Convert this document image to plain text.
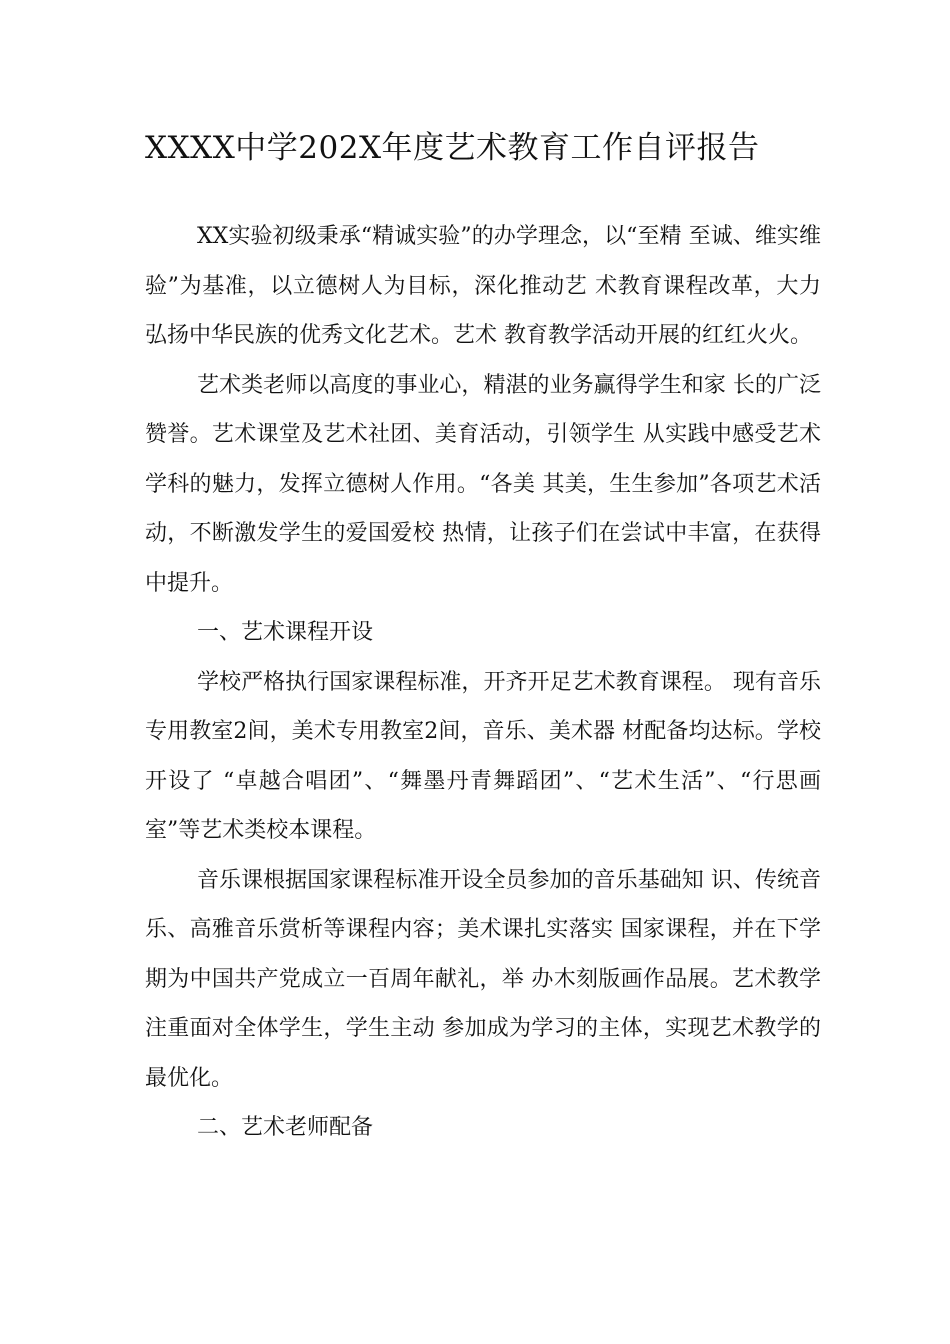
XXXX中学202X年度艺术教育工作自评报告

XX实验初级秉承“精诚实验”的办学理念，以“至精 至诚、维实维验”为基准，以立德树人为目标，深化推动艺 术教育课程改革，大力弘扬中华民族的优秀文化艺术。艺术 教育教学活动开展的红红火火。

艺术类老师以高度的事业心，精湛的业务赢得学生和家 长的广泛赞誉。艺术课堂及艺术社团、美育活动，引领学生 从实践中感受艺术学科的魅力，发挥立德树人作用。“各美 其美，生生参加”各项艺术活动，不断激发学生的爱国爱校 热情，让孩子们在尝试中丰富，在获得中提升。

一、艺术课程开设

学校严格执行国家课程标准，开齐开足艺术教育课程。 现有音乐专用教室2间，美术专用教室2间，音乐、美术器 材配备均达标。学校开设了 “卓越合唱团”、“舞墨丹青舞蹈团”、“艺术生活”、“行思画室”等艺术类校本课程。

音乐课根据国家课程标准开设全员参加的音乐基础知 识、传统音乐、高雅音乐赏析等课程内容；美术课扎实落实 国家课程，并在下学期为中国共产党成立一百周年献礼，举 办木刻版画作品展。艺术教学注重面对全体学生，学生主动 参加成为学习的主体，实现艺术教学的最优化。

二、艺术老师配备
